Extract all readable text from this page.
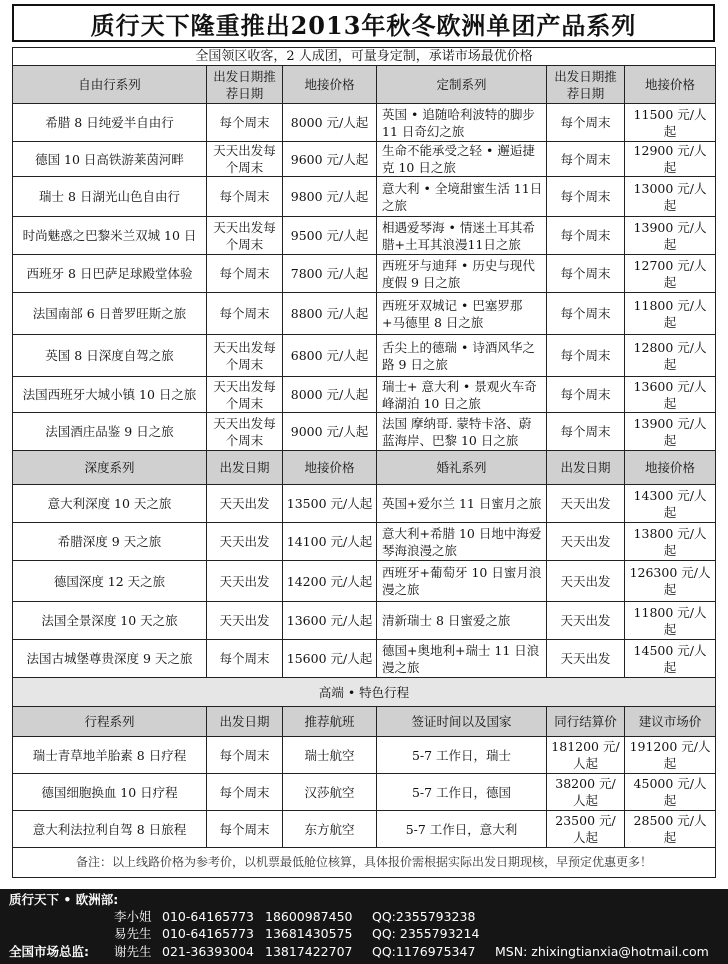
质行天下隆重推出2013年秋冬欧洲单团产品系列
全国领区收客，2 人成团，可量身定制，承诺市场最优价格					
自由行系列	出发日期推荐日期	地接价格	定制系列	出发日期推荐日期	地接价格
希腊 8 日纯爱半自由行	每个周末	8000 元/人起	英国 • 追随哈利波特的脚步 11 日奇幻之旅	每个周末	11500 元/人起
德国 10 日高铁游莱茵河畔	天天出发每个周末	9600 元/人起	生命不能承受之轻 • 邂逅捷克 10 日之旅	每个周末	12900 元/人起
瑞士 8 日湖光山色自由行	每个周末	9800 元/人起	意大利 • 全境甜蜜生活 11日之旅	每个周末	13000 元/人起
时尚魅惑之巴黎米兰双城 10 日	天天出发每个周末	9500 元/人起	相遇爱琴海 • 情迷土耳其希腊+土耳其浪漫11日之旅	每个周末	13900 元/人起
西班牙 8 日巴萨足球殿堂体验	每个周末	7800 元/人起	西班牙与迪拜 • 历史与现代度假 9 日之旅	每个周末	12700 元/人起
法国南部 6 日普罗旺斯之旅	每个周末	8800 元/人起	西班牙双城记 • 巴塞罗那+马德里 8 日之旅	每个周末	11800 元/人起
英国 8 日深度自驾之旅	天天出发每个周末	6800 元/人起	舌尖上的德瑞 • 诗酒风华之路 9 日之旅	每个周末	12800 元/人起
法国西班牙大城小镇 10 日之旅	天天出发每个周末	8000 元/人起	瑞士+ 意大利 • 景观火车奇峰湖泊 10 日之旅	每个周末	13600 元/人起
法国酒庄品鉴 9 日之旅	天天出发每个周末	9000 元/人起	法国 摩纳哥. 蒙特卡洛、蔚蓝海岸、巴黎 10 日之旅	每个周末	13900 元/人起
深度系列	出发日期	地接价格	婚礼系列	出发日期	地接价格
意大利深度 10 天之旅	天天出发	13500 元/人起	英国+爱尔兰 11 日蜜月之旅	天天出发	14300 元/人起
希腊深度 9 天之旅	天天出发	14100 元/人起	意大利+希腊 10 日地中海爱琴海浪漫之旅	天天出发	13800 元/人起
德国深度 12 天之旅	天天出发	14200 元/人起	西班牙+葡萄牙 10 日蜜月浪漫之旅	天天出发	126300 元/人起
法国全景深度 10 天之旅	天天出发	13600 元/人起	清新瑞士 8 日蜜爱之旅	天天出发	11800 元/人起
法国古城堡尊贵深度 9 天之旅	每个周末	15600 元/人起	德国+奥地利+瑞士 11 日浪漫之旅	天天出发	14500 元/人起
高端 • 特色行程					
行程系列	出发日期	推荐航班	签证时间以及国家	同行结算价	建议市场价
瑞士青草地羊胎素 8 日疗程	每个周末	瑞士航空	5-7 工作日，瑞士	181200 元/人起	191200 元/人起
德国细胞换血 10 日疗程	每个周末	汉莎航空	5-7 工作日，德国	38200 元/人起	45000 元/人起
意大利法拉利自驾 8 日旅程	每个周末	东方航空	5-7 工作日，意大利	23500 元/人起	28500 元/人起
备注：以上线路价格为参考价，以机票最低舱位核算，具体报价需根据实际出发日期现核，早预定优惠更多！					
质行天下 • 欧洲部:
李小姐 010-64165773 18600987450 QQ:2355793238
易先生 010-64165773 13681430575 QQ: 2355793214
全国市场总监: 谢先生 021-36393004 13817422707 QQ:1176975347 MSN: zhixingtianxia@hotmail.com
